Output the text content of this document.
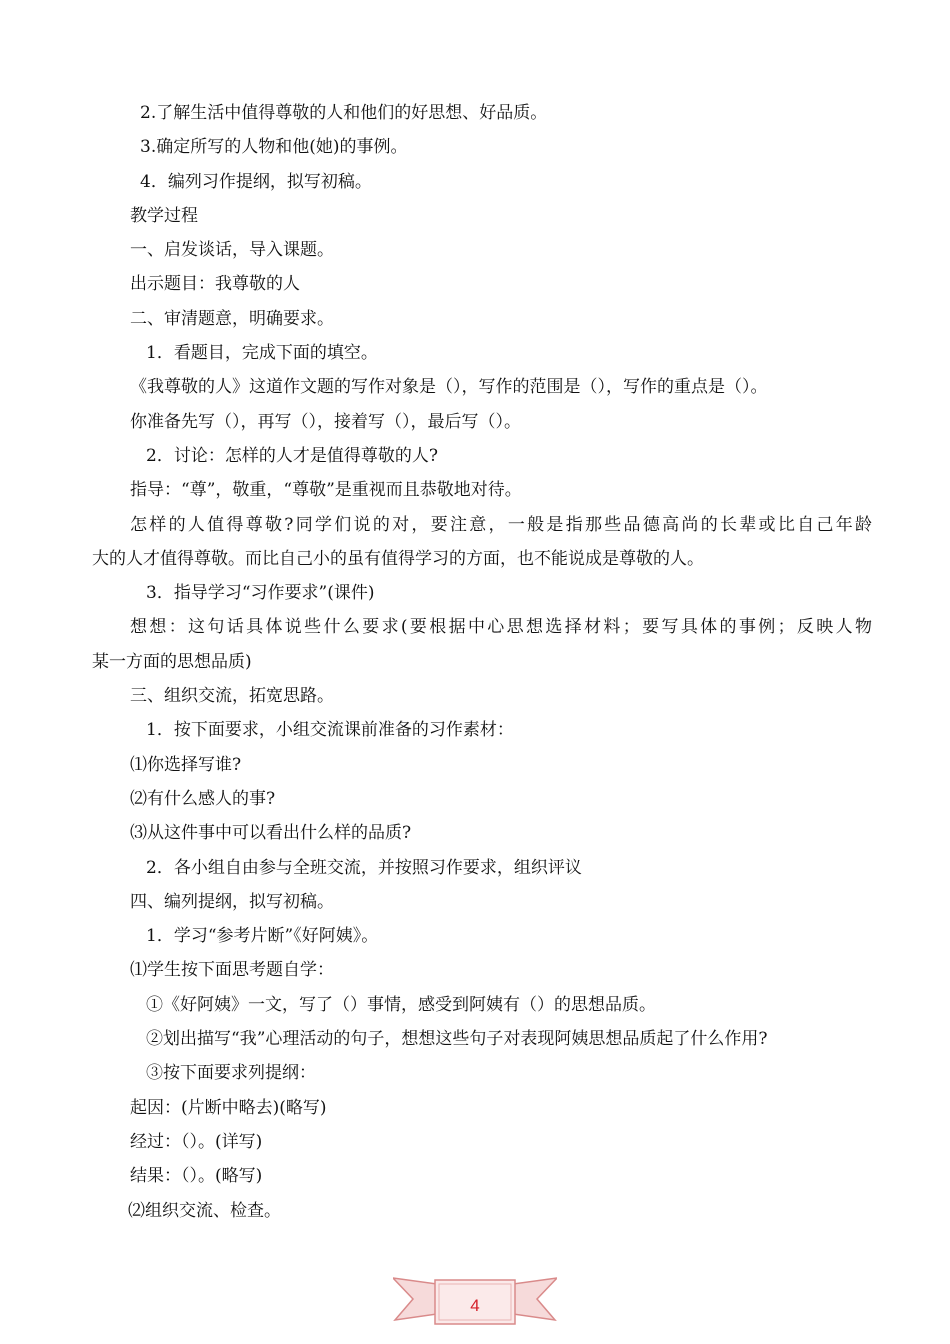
2.了解生活中值得尊敬的人和他们的好思想、好品质。
3.确定所写的人物和他(她)的事例。
4．编列习作提纲，拟写初稿。
教学过程
一、启发谈话，导入课题。
出示题目：我尊敬的人
二、审清题意，明确要求。
1．看题目，完成下面的填空。
《我尊敬的人》这道作文题的写作对象是（），写作的范围是（），写作的重点是（）。
你准备先写（），再写（），接着写（），最后写（）。
2．讨论：怎样的人才是值得尊敬的人?
指导：“尊”，敬重，“尊敬”是重视而且恭敬地对待。
怎样的人值得尊敬?同学们说的对，要注意，一般是指那些品德高尚的长辈或比自己年龄
大的人才值得尊敬。而比自己小的虽有值得学习的方面，也不能说成是尊敬的人。
3．指导学习“习作要求”(课件)
想想：这句话具体说些什么要求(要根据中心思想选择材料；要写具体的事例；反映人物
某一方面的思想品质)
三、组织交流，拓宽思路。
1．按下面要求，小组交流课前准备的习作素材：
⑴你选择写谁?
⑵有什么感人的事?
⑶从这件事中可以看出什么样的品质?
2．各小组自由参与全班交流，并按照习作要求，组织评议
四、编列提纲，拟写初稿。
1．学习“参考片断”《好阿姨》。
⑴学生按下面思考题自学：
①《好阿姨》一文，写了（）事情，感受到阿姨有（）的思想品质。
②划出描写“我”心理活动的句子，想想这些句子对表现阿姨思想品质起了什么作用?
③按下面要求列提纲：
起因：(片断中略去)(略写)
经过：（）。(详写)
结果：（）。(略写)
⑵组织交流、检查。
4
